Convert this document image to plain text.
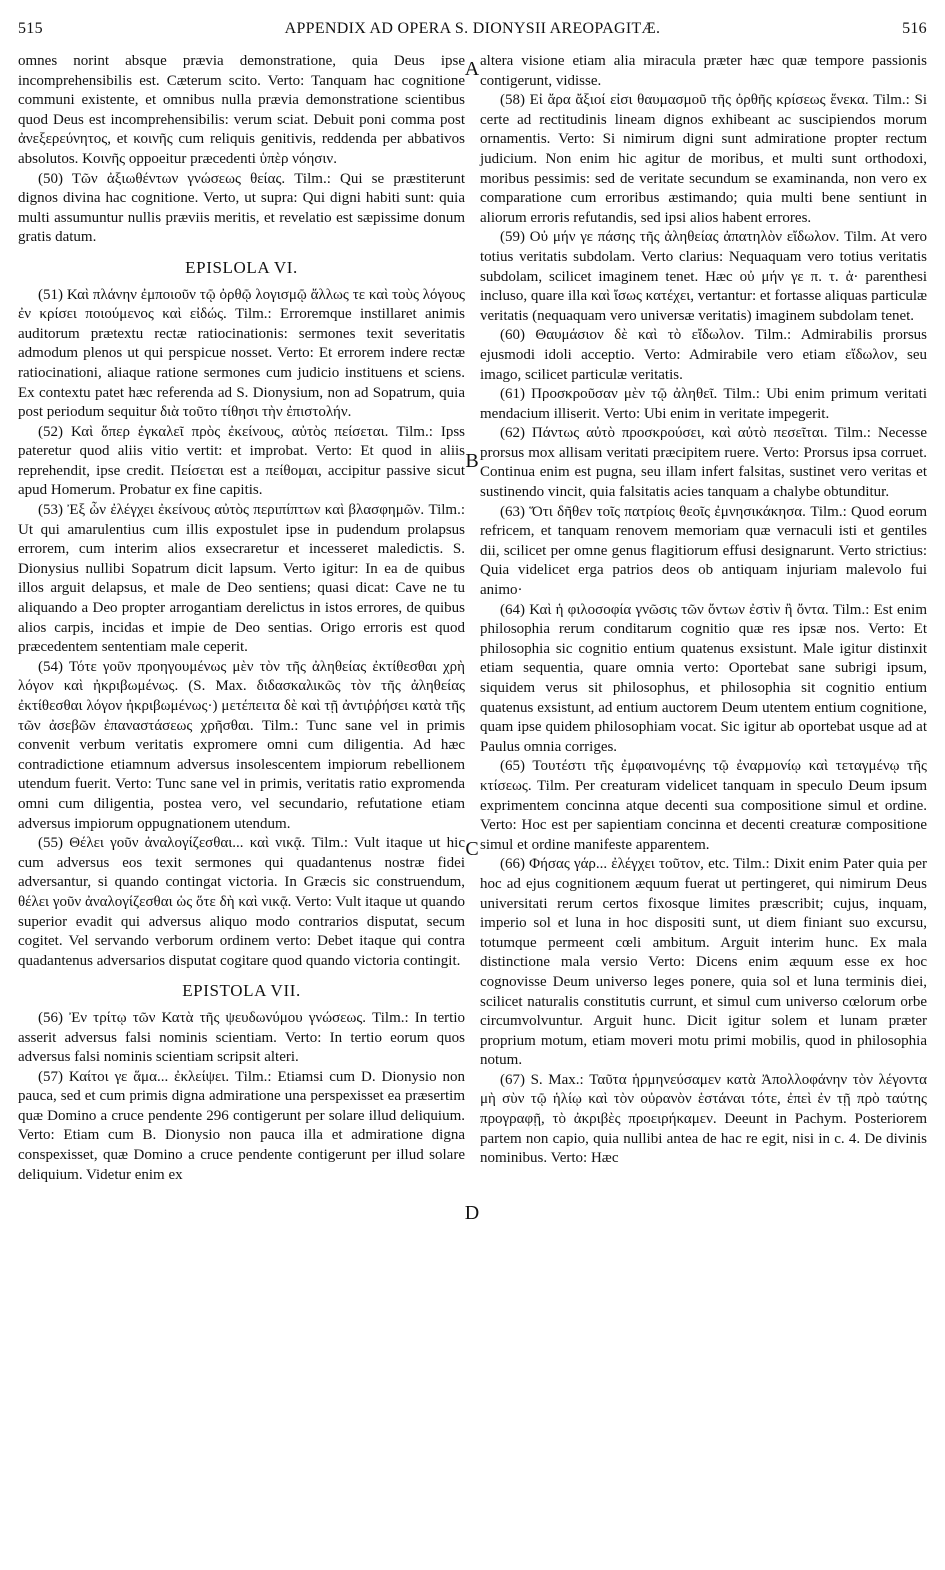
515	APPENDIX AD OPERA S. DIONYSII AREOPAGITÆ.	516

omnes norint absque prævia demonstratione, quia Deus ipse incomprehensibilis est. Cæterum scito. Verto: Tanquam hac cognitione communi existente, et omnibus nulla prævia demonstratione scientibus quod Deus est incomprehensibilis: verum sciat. Debuit poni comma post ἀνεξερεύνητος, et κοινῆς cum reliquis genitivis, reddenda per abbativos absolutos. Κοινῆς oppoeitur præcedenti ὑπὲρ νόησιν.

(50) Τῶν ἀξιωθέντων γνώσεως θείας. Tilm.: Qui se præstiterunt dignos divina hac cognitione. Verto, ut supra: Qui digni habiti sunt: quia multi assumuntur nullis præviis meritis, et revelatio est sæpissime donum gratis datum.

EPISLOLA VI.

(51) Καὶ πλάνην ἐμποιοῦν τῷ ὀρθῷ λογισμῷ ἄλλως τε καὶ τοὺς λόγους ἐν κρίσει ποιούμενος καὶ εἰδώς. Tilm.: Erroremque instillaret animis auditorum prætextu rectæ ratiocinationis: sermones texit severitatis admodum plenos ut qui perspicue nosset. Verto: Et errorem indere rectæ ratiocinationi, aliaque ratione sermones cum judicio instituens et sciens. Ex contextu patet hæc referenda ad S. Dionysium, non ad Sopatrum, quia post periodum sequitur διὰ τοῦτο τίθησι τὴν ἐπιστολήν.

(52) Καὶ ὅπερ ἐγκαλεῖ πρὸς ἐκείνους, αὐτὸς πείσεται. Tilm.: Ipss pateretur quod aliis vitio vertit: et improbat. Verto: Et quod in aliis reprehendit, ipse credit. Πείσεται est a πείθομαι, accipitur passive sicut apud Homerum. Probatur ex fine capitis.

(53) Ἐξ ὧν ἐλέγχει ἐκείνους αὐτὸς περιπίπτων καὶ βλασφημῶν. Tilm.: Ut qui amarulentius cum illis expostulet ipse in pudendum prolapsus errorem, cum interim alios exsecraretur et incesseret maledictis. S. Dionysius nullibi Sopatrum dicit lapsum. Verto igitur: In ea de quibus illos arguit delapsus, et male de Deo sentiens; quasi dicat: Cave ne tu aliquando a Deo propter arrogantiam derelictus in istos errores, de quibus alios carpis, incidas et impie de Deo sentias. Origo erroris est quod præcedentem sententiam male ceperit.

(54) Τότε γοῦν προηγουμένως μὲν τὸν τῆς ἀληθείας ἐκτίθεσθαι χρὴ λόγον καὶ ἠκριβωμένως. (S. Max. διδασκαλικῶς τὸν τῆς ἀληθείας ἐκτίθεσθαι λόγον ἠκριβωμένως·) μετέπειτα δὲ καὶ τῇ ἀντιῤῥήσει κατὰ τῆς τῶν ἀσεβῶν ἐπαναστάσεως χρῆσθαι. Tilm.: Tunc sane vel in primis convenit verbum veritatis expromere omni cum diligentia. Ad hæc contradictione etiamnum adversus insolescentem impiorum rebellionem utendum fuerit. Verto: Tunc sane vel in primis, veritatis ratio expromenda omni cum diligentia, postea vero, vel secundario, refutatione etiam adversus impiorum oppugnationem utendum.

(55) Θέλει γοῦν ἀναλογίζεσθαι... καὶ νικᾷ. Tilm.: Vult itaque ut hic cum adversus eos texit sermones qui quadantenus nostræ fidei adversantur, si quando contingat victoria. In Græcis sic construendum, θέλει γοῦν ἀναλογίζεσθαι ὡς ὅτε δὴ καὶ νικᾷ. Verto: Vult itaque ut quando superior evadit qui adversus aliquo modo contrarios disputat, secum cogitet. Vel servando verborum ordinem verto: Debet itaque qui contra quadantenus adversarios disputat cogitare quod quando victoria contingit.

EPISTOLA VII.

(56) Ἐν τρίτῳ τῶν Κατὰ τῆς ψευδωνύμου γνώσεως. Tilm.: In tertio asserit adversus falsi nominis scientiam. Verto: In tertio eorum quos adversus falsi nominis scientiam scripsit alteri.

(57) Καίτοι γε ἅμα... ἐκλείψει. Tilm.: Etiamsi cum D. Dionysio non pauca, sed et cum primis digna admiratione una perspexisset ea præsertim quæ Domino a cruce pendente 296 contigerunt per solare illud deliquium. Verto: Etiam cum B. Dionysio non pauca illa et admiratione digna conspexisset, quæ Domino a cruce pendente contigerunt per illud solare deliquium. Videtur enim ex

A
B
C
D

altera visione etiam alia miracula præter hæc quæ tempore passionis contigerunt, vidisse.

(58) Εἰ ἄρα ἄξιοί εἰσι θαυμασμοῦ τῆς ὀρθῆς κρίσεως ἕνεκα. Tilm.: Si certe ad rectitudinis lineam dignos exhibeant ac suscipiendos morum ornamentis. Verto: Si nimirum digni sunt admiratione propter rectum judicium. Non enim hic agitur de moribus, et multi sunt orthodoxi, moribus pessimis: sed de veritate secundum se examinanda, non vero ex comparatione cum erroribus æstimando; quia multi bene sentiunt in aliorum erroris refutandis, sed ipsi alios habent errores.

(59) Οὐ μήν γε πάσης τῆς ἀληθείας ἀπατηλὸν εἴδωλον. Tilm. At vero totius veritatis subdolam. Verto clarius: Nequaquam vero totius veritatis subdolam, scilicet imaginem tenet. Hæc οὐ μήν γε π. τ. ἀ· parenthesi incluso, quare illa καὶ ἴσως κατέχει, vertantur: et fortasse aliquas particulæ veritatis (nequaquam vero universæ veritatis) imaginem subdolam tenet.

(60) Θαυμάσιον δὲ καὶ τὸ εἴδωλον. Tilm.: Admirabilis prorsus ejusmodi idoli acceptio. Verto: Admirabile vero etiam εἴδωλον, seu imago, scilicet particulæ veritatis.

(61) Προσκροῦσαν μὲν τῷ ἀληθεῖ. Tilm.: Ubi enim primum veritati mendacium illiserit. Verto: Ubi enim in veritate impegerit.

(62) Πάντως αὐτὸ προσκρούσει, καὶ αὐτὸ πεσεῖται. Tilm.: Necesse prorsus mox allisam veritati præcipitem ruere. Verto: Prorsus ipsa corruet. Continua enim est pugna, seu illam infert falsitas, sustinet vero veritas et sustinendo vincit, quia falsitatis acies tanquam a chalybe obtunditur.

(63) Ὅτι δῆθεν τοῖς πατρίοις θεοῖς ἐμνησικάκησα. Tilm.: Quod eorum refricem, et tanquam renovem memoriam quæ vernaculi isti et gentiles dii, scilicet per omne genus flagitiorum effusi designarunt. Verto strictius: Quia videlicet erga patrios deos ob antiquam injuriam malevolo fui animo·

(64) Καὶ ἡ φιλοσοφία γνῶσις τῶν ὄντων ἐστὶν ἢ ὄντα. Tilm.: Est enim philosophia rerum conditarum cognitio quæ res ipsæ nos. Verto: Et philosophia sic cognitio entium quatenus exsistunt. Male igitur distinxit etiam sequentia, quare omnia verto: Oportebat sane subrigi ipsum, siquidem verus sit philosophus, et philosophia sit cognitio entium quatenus exsistunt, ad entium auctorem Deum utentem entium cognitione, quam ipse quidem philosophiam vocat. Sic igitur ab oportebat usque ad at Paulus omnia corriges.

(65) Τουτέστι τῆς ἐμφαινομένης τῷ ἐναρμονίῳ καὶ τεταγμένῳ τῆς κτίσεως. Tilm. Per creaturam videlicet tanquam in speculo Deum ipsum exprimentem concinna atque decenti sua compositione simul et ordine. Verto: Hoc est per sapientiam concinna et decenti creaturæ compositione simul et ordine manifeste apparentem.

(66) Φήσας γάρ... ἐλέγχει τοῦτον, etc. Tilm.: Dixit enim Pater quia per hoc ad ejus cognitionem æquum fuerat ut pertingeret, qui nimirum Deus universitati rerum certos fixosque limites præscribit; cujus, inquam, imperio sol et luna in hoc dispositi sunt, ut diem finiant suo excursu, totumque permeent cœli ambitum. Arguit interim hunc. Ex mala distinctione mala versio Verto: Dicens enim æquum esse ex hoc cognovisse Deum universo leges ponere, quia sol et luna terminis diei, scilicet naturalis constitutis currunt, et simul cum universo cœlorum orbe circumvolvuntur. Arguit hunc. Dicit igitur solem et lunam præter proprium motum, etiam moveri motu primi mobilis, quod in philosophia notum.

(67) S. Max.: Ταῦτα ἡρμηνεύσαμεν κατὰ Ἀπολλοφάνην τὸν λέγοντα μὴ σὺν τῷ ἡλίῳ καὶ τὸν οὐρανὸν ἑστάναι τότε, ἐπεὶ ἐν τῇ πρὸ ταύτης προγραφῇ, τὸ ἀκριβὲς προειρήκαμεν. Deeunt in Pachym. Posteriorem partem non capio, quia nullibi antea de hac re egit, nisi in c. 4. De divinis nominibus. Verto: Hæc
